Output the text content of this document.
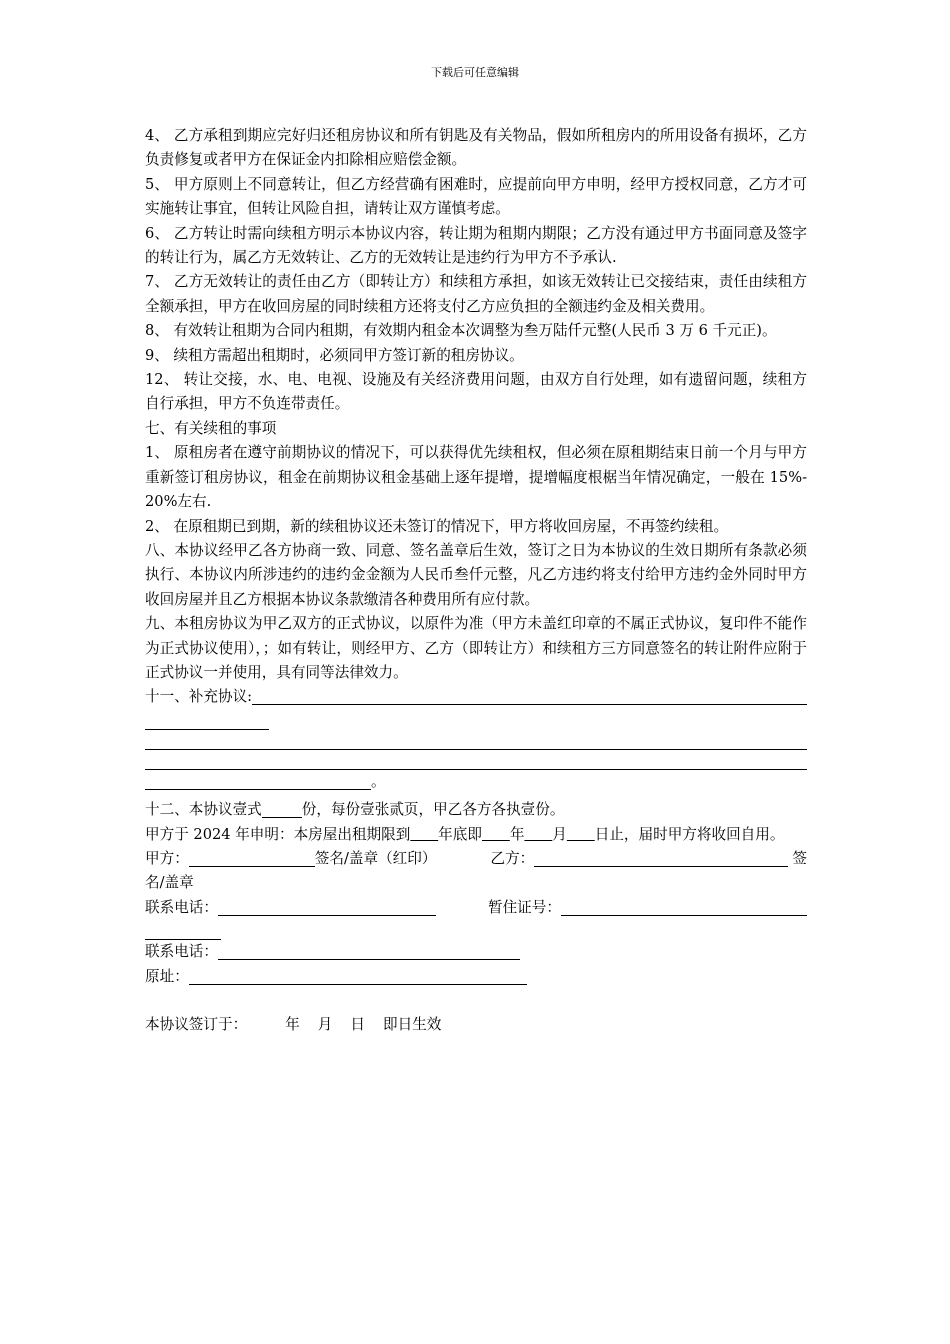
下载后可任意编辑

4、 乙方承租到期应完好归还租房协议和所有钥匙及有关物品，假如所租房内的所用设备有损坏，乙方负责修复或者甲方在保证金内扣除相应赔偿金额。

5、 甲方原则上不同意转让，但乙方经营确有困难时，应提前向甲方申明，经甲方授权同意，乙方才可实施转让事宜，但转让风险自担，请转让双方谨慎考虑。

6、 乙方转让时需向续租方明示本协议内容，转让期为租期内期限；乙方没有通过甲方书面同意及签字的转让行为，属乙方无效转让、乙方的无效转让是违约行为甲方不予承认.

7、 乙方无效转让的责任由乙方（即转让方）和续租方承担，如该无效转让已交接结束，责任由续租方全额承担，甲方在收回房屋的同时续租方还将支付乙方应负担的全额违约金及相关费用。

8、 有效转让租期为合同内租期，有效期内租金本次调整为叁万陆仟元整(人民币 3 万 6 千元正)。

9、 续租方需超出租期时，必须同甲方签订新的租房协议。

12、 转让交接，水、电、电视、设施及有关经济费用问题，由双方自行处理，如有遗留问题，续租方自行承担，甲方不负连带责任。

七、有关续租的事项

1、 原租房者在遵守前期协议的情况下，可以获得优先续租权，但必须在原租期结束日前一个月与甲方重新签订租房协议，租金在前期协议租金基础上逐年提增，提增幅度根椐当年情况确定，一般在 15%-20%左右.

2、 在原租期已到期，新的续租协议还未签订的情况下，甲方将收回房屋，不再签约续租。

八、本协议经甲乙各方协商一致、同意、签名盖章后生效，签订之日为本协议的生效日期所有条款必须执行、本协议内所涉违约的违约金金额为人民币叁仟元整，凡乙方违约将支付给甲方违约金外同时甲方收回房屋并且乙方根据本协议条款缴清各种费用所有应付款。

九、本租房协议为甲乙双方的正式协议，以原件为准（甲方未盖红印章的不属正式协议，复印件不能作为正式协议使用），；如有转让，则经甲方、乙方（即转让方）和续租方三方同意签名的转让附件应附于正式协议一并使用，具有同等法律效力。

十一、补充协议:
。
十二、本协议壹式	份，每份壹张贰页，甲乙各方各执壹份。

甲方于 2024 年申明：本房屋出租期限到 年底即 年 月 日止，届时甲方将收回自用。

甲方：	签名/盖章（红印）	乙方：	签
名/盖章
联系电话：	暂住证号：
联系电话：
原址：
本协议签订于：	年 月 日 即日生效
